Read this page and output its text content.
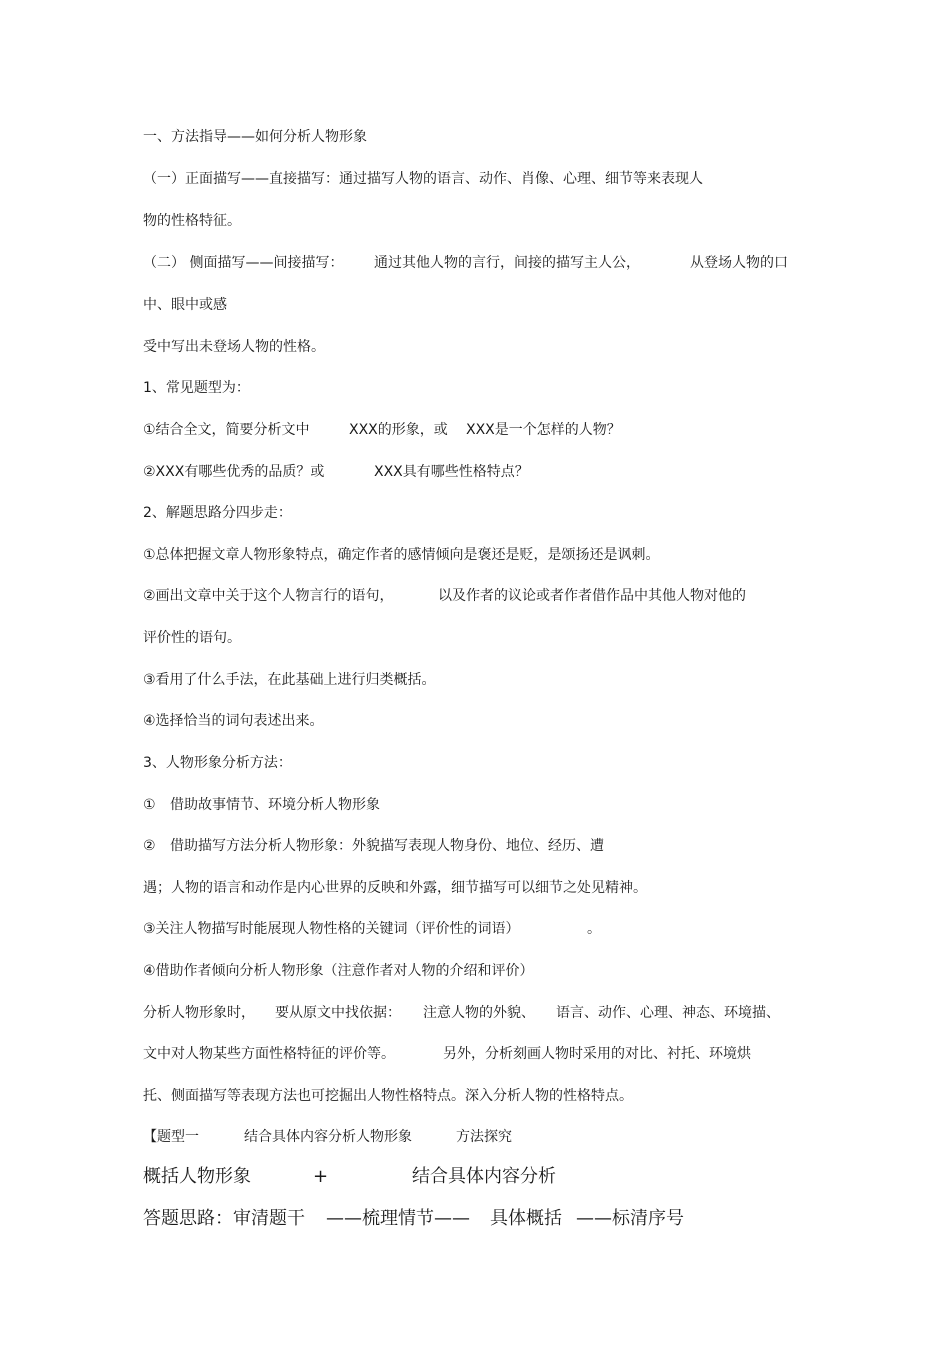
一、方法指导——如何分析人物形象
（一）正面描写——直接描写：通过描写人物的语言、动作、肖像、心理、细节等来表现人
物的性格特征。
（二） 侧面描写——间接描写： 通过其他人物的言行，间接的描写主人公，	从登场人物的口
中、眼中或感
受中写出未登场人物的性格。
1、常见题型为：
①结合全文，简要分析文中	XXX的形象，或 XXX是一个怎样的人物？
②XXX有哪些优秀的品质？或	XXX具有哪些性格特点？
2、解题思路分四步走：
①总体把握文章人物形象特点，确定作者的感情倾向是褒还是贬，是颂扬还是讽刺。
②画出文章中关于这个人物言行的语句，	以及作者的议论或者作者借作品中其他人物对他的
评价性的语句。
③看用了什么手法，在此基础上进行归类概括。
④选择恰当的词句表述出来。
3、人物形象分析方法：
① 借助故事情节、环境分析人物形象
② 借助描写方法分析人物形象：外貌描写表现人物身份、地位、经历、遭
遇；人物的语言和动作是内心世界的反映和外露，细节描写可以细节之处见精神。
③关注人物描写时能展现人物性格的关键词（评价性的词语）	。
④借助作者倾向分析人物形象（注意作者对人物的介绍和评价）
分析人物形象时， 要从原文中找依据： 注意人物的外貌、 语言、动作、心理、神态、环境描、
文中对人物某些方面性格特征的评价等。	另外，分析刻画人物时采用的对比、衬托、环境烘
托、侧面描写等表现方法也可挖掘出人物性格特点。深入分析人物的性格特点。
【题型一	结合具体内容分析人物形象	方法探究
概括人物形象	+	结合具体内容分析
答题思路：审清题干 ——梳理情节—— 具体概括 ——标清序号
